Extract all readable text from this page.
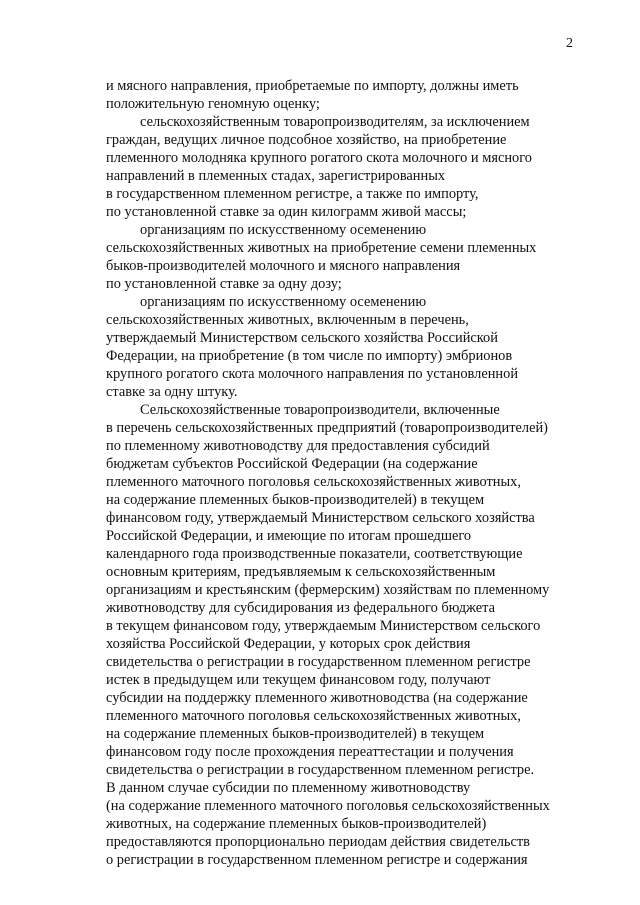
2
и мясного направления, приобретаемые по импорту, должны иметь
положительную геномную оценку;
сельскохозяйственным товаропроизводителям, за исключением
граждан, ведущих личное подсобное хозяйство, на приобретение
племенного молодняка крупного рогатого скота молочного и мясного
направлений в племенных стадах, зарегистрированных
в государственном племенном регистре, а также по импорту,
по установленной ставке за один килограмм живой массы;
организациям по искусственному осеменению
сельскохозяйственных животных на приобретение семени племенных
быков-производителей молочного и мясного направления
по установленной ставке за одну дозу;
организациям по искусственному осеменению
сельскохозяйственных животных, включенным в перечень,
утверждаемый Министерством сельского хозяйства Российской
Федерации, на приобретение (в том числе по импорту) эмбрионов
крупного рогатого скота молочного направления по установленной
ставке за одну штуку.
Сельскохозяйственные товаропроизводители, включенные
в перечень сельскохозяйственных предприятий (товаропроизводителей)
по племенному животноводству для предоставления субсидий
бюджетам субъектов Российской Федерации (на содержание
племенного маточного поголовья сельскохозяйственных животных,
на содержание племенных быков-производителей) в текущем
финансовом году, утверждаемый Министерством сельского хозяйства
Российской Федерации, и имеющие по итогам прошедшего
календарного года производственные показатели, соответствующие
основным критериям, предъявляемым к сельскохозяйственным
организациям и крестьянским (фермерским) хозяйствам по племенному
животноводству для субсидирования из федерального бюджета
в текущем финансовом году, утверждаемым Министерством сельского
хозяйства Российской Федерации, у которых срок действия
свидетельства о регистрации в государственном племенном регистре
истек в предыдущем или текущем финансовом году, получают
субсидии на поддержку племенного животноводства (на содержание
племенного маточного поголовья сельскохозяйственных животных,
на содержание племенных быков-производителей) в текущем
финансовом году после прохождения переаттестации и получения
свидетельства о регистрации в государственном племенном регистре.
В данном случае субсидии по племенному животноводству
(на содержание племенного маточного поголовья сельскохозяйственных
животных, на содержание племенных быков-производителей)
предоставляются пропорционально периодам действия свидетельств
о регистрации в государственном племенном регистре и содержания
